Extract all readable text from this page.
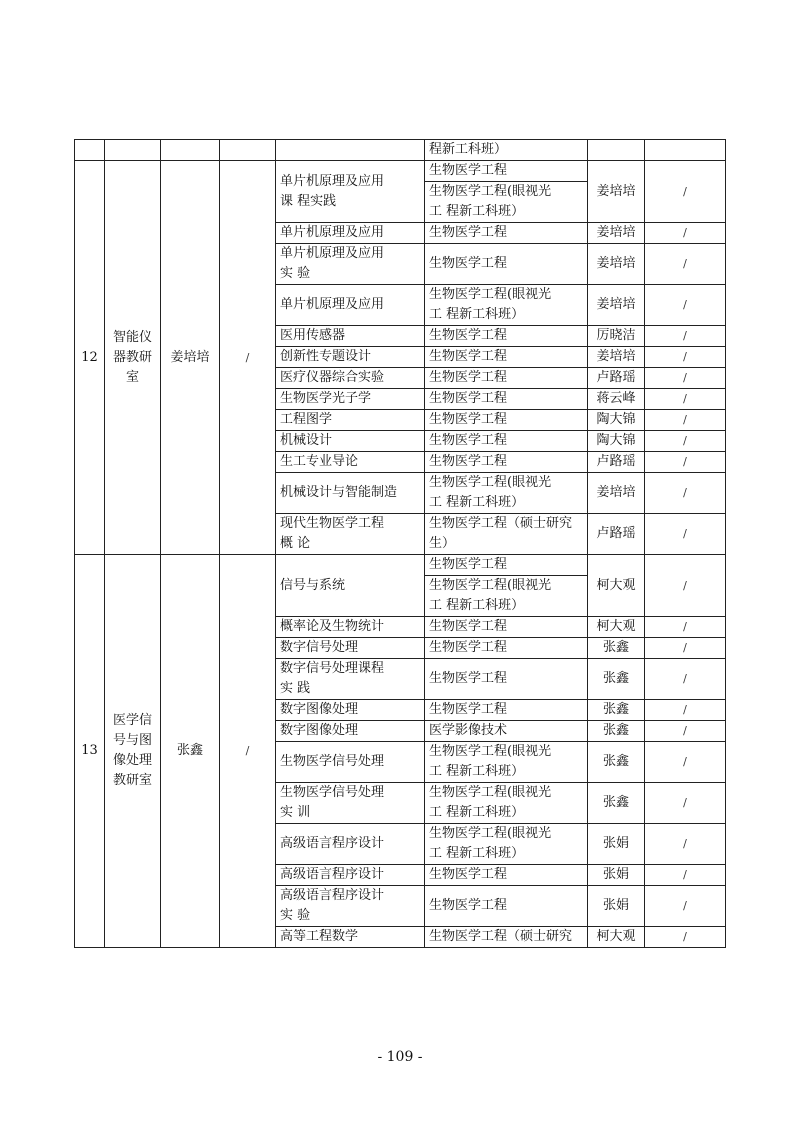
					程新工科班）		
12	智能仪
器教研
室	姜培培	/	单片机原理及应用
课 程实践	生物医学工程	姜培培	/
					生物医学工程(眼视光
工 程新工科班）		
				单片机原理及应用	生物医学工程	姜培培	/
				单片机原理及应用
实 验	生物医学工程	姜培培	/
				单片机原理及应用	生物医学工程(眼视光
工 程新工科班）	姜培培	/
				医用传感器	生物医学工程	厉晓洁	/
				创新性专题设计	生物医学工程	姜培培	/
				医疗仪器综合实验	生物医学工程	卢路瑶	/
				生物医学光子学	生物医学工程	蒋云峰	/
				工程图学	生物医学工程	陶大锦	/
				机械设计	生物医学工程	陶大锦	/
				生工专业导论	生物医学工程	卢路瑶	/
				机械设计与智能制造	生物医学工程(眼视光
工 程新工科班）	姜培培	/
				现代生物医学工程
概 论	生物医学工程（硕士研究
生）	卢路瑶	/
13	医学信
号与图
像处理
教研室	张鑫	/	信号与系统	生物医学工程	柯大观	/
					生物医学工程(眼视光
工 程新工科班）		
				概率论及生物统计	生物医学工程	柯大观	/
				数字信号处理	生物医学工程	张鑫	/
				数字信号处理课程
实 践	生物医学工程	张鑫	/
				数字图像处理	生物医学工程	张鑫	/
				数字图像处理	医学影像技术	张鑫	/
				生物医学信号处理	生物医学工程(眼视光
工 程新工科班）	张鑫	/
				生物医学信号处理
实 训	生物医学工程(眼视光
工 程新工科班）	张鑫	/
				高级语言程序设计	生物医学工程(眼视光
工 程新工科班）	张娟	/
				高级语言程序设计	生物医学工程	张娟	/
				高级语言程序设计
实 验	生物医学工程	张娟	/
				高等工程数学	生物医学工程（硕士研究	柯大观	/
- 109 -
